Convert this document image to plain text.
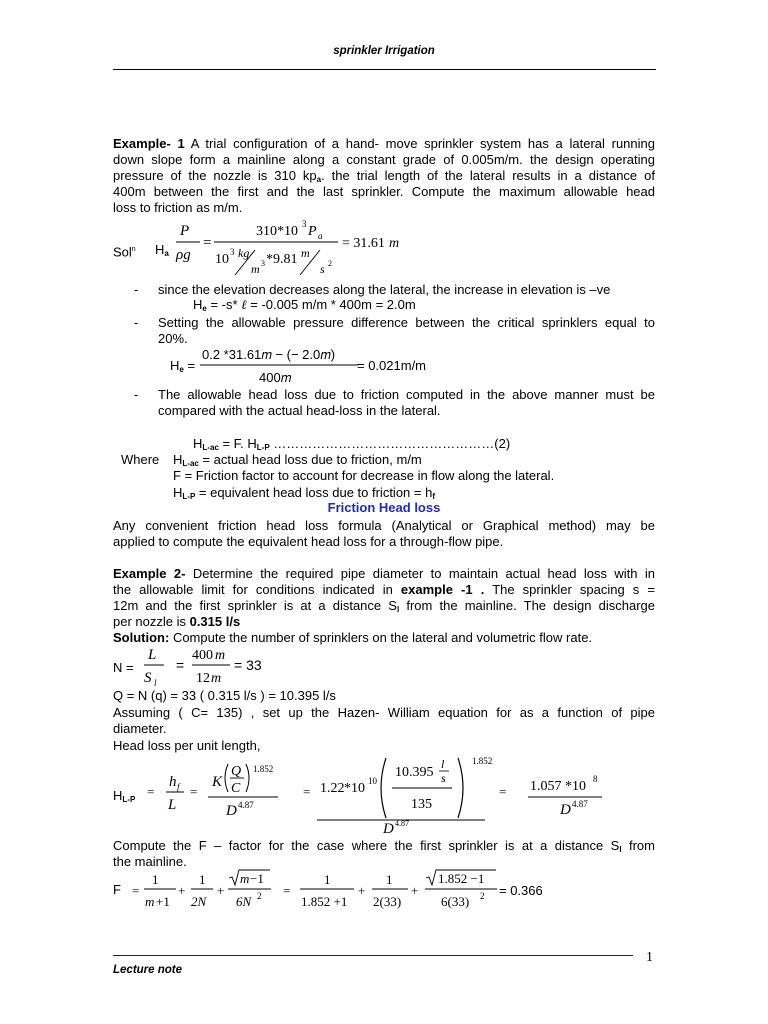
sprinkler Irrigation
Example- 1 A trial configuration of a hand- move sprinkler system has a lateral running
down slope form a mainline along a constant grade of 0.005m/m. the design operating
pressure of the nozzle is 310 $kp_a$. the trial length of the lateral results in a distance of
400m between the first and the last sprinkler. Compute the maximum allowable head
loss to friction as m/m.
Sol$^n$ $H_a$
P
ρg
=
310 *10 3 P a
10 3 kg
m 3 *9.81 m
s 2
= 31.61 m
- since the elevation decreases along the lateral, the increase in elevation is –ve
$H_e = -s*$ ℓ = -0.005 m/m * 400m = 2.0m
- Setting the allowable pressure difference between the critical sprinklers equal to
20%.
$H_e$ =
0.2 *31.61𝑚 − (− 2.0𝑚)
400𝑚
= 0.021m/m
- The allowable head loss due to friction computed in the above manner must be
compared with the actual head-loss in the lateral.
$H_{L-ac} = F$. $H_{L-P}$ ……………………………………………(2)
Where $H_{L-ac}$ = actual head loss due to friction, m/m
F = Friction factor to account for decrease in flow along the lateral.
$H_{L-P}$ = equivalent head loss due to friction = $h_f$
Friction Head loss
Any convenient friction head loss formula (Analytical or Graphical method) may be
applied to compute the equivalent head loss for a through-flow pipe.
Example 2- Determine the required pipe diameter to maintain actual head loss with in
the allowable limit for conditions indicated in example -1 . The sprinkler spacing s =
12m and the first sprinkler is at a distance $S_l$ from the mainline. The design discharge
per nozzle is 0.315 l/s
Solution: Compute the number of sprinklers on the lateral and volumetric flow rate.
N =
L
S l
=
400 m
12 m
= 33
Q = N (q) = 33 ( 0.315 l/s ) = 10.395 l/s
Assuming ( C= 135) , set up the Hazen- William equation for as a function of pipe
diameter.
Head loss per unit length,
$H_{L-P}$
=
h f
L
=
K
Q
C
1.852
D 4.87
= 1.22 *10 10
10.395
l
s
135
1.852
D 4.87
= 1.057 *10 8
D 4.87
Compute the F – factor for the case where the first sprinkler is at a distance $S_l$ from
the mainline.
F =
1
m +1
+
1
2N
+
m −1
6N 2 =
1
1.852 +1
+
1
2(33)
+
1.852 −1
6(33) 2 = 0.366
1
Lecture note
